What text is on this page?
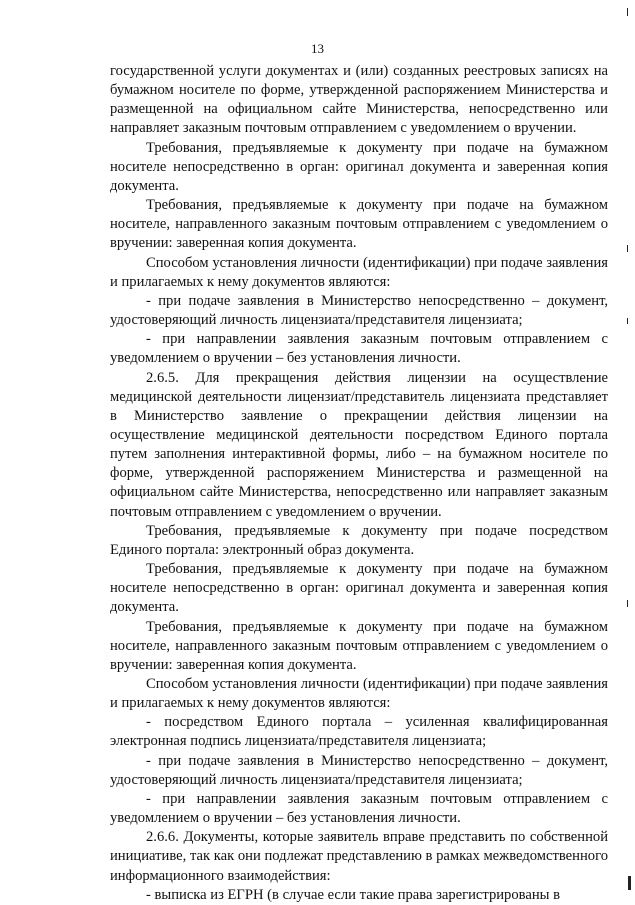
13

государственной услуги документах и (или) созданных реестровых записях на бумажном носителе по форме, утвержденной распоряжением Министерства и размещенной на официальном сайте Министерства, непосредственно или направляет заказным почтовым отправлением с уведомлением о вручении.

Требования, предъявляемые к документу при подаче на бумажном носителе непосредственно в орган: оригинал документа и заверенная копия документа.

Требования, предъявляемые к документу при подаче на бумажном носителе, направленного заказным почтовым отправлением с уведомлением о вручении: заверенная копия документа.

Способом установления личности (идентификации) при подаче заявления и прилагаемых к нему документов являются:

- при подаче заявления в Министерство непосредственно – документ, удостоверяющий личность лицензиата/представителя лицензиата;

- при направлении заявления заказным почтовым отправлением с уведомлением о вручении – без установления личности.

2.6.5. Для прекращения действия лицензии на осуществление медицинской деятельности лицензиат/представитель лицензиата представляет в Министерство заявление о прекращении действия лицензии на осуществление медицинской деятельности посредством Единого портала путем заполнения интерактивной формы, либо – на бумажном носителе по форме, утвержденной распоряжением Министерства и размещенной на официальном сайте Министерства, непосредственно или направляет заказным почтовым отправлением с уведомлением о вручении.

Требования, предъявляемые к документу при подаче посредством Единого портала: электронный образ документа.

Требования, предъявляемые к документу при подаче на бумажном носителе непосредственно в орган: оригинал документа и заверенная копия документа.

Требования, предъявляемые к документу при подаче на бумажном носителе, направленного заказным почтовым отправлением с уведомлением о вручении: заверенная копия документа.

Способом установления личности (идентификации) при подаче заявления и прилагаемых к нему документов являются:

- посредством Единого портала – усиленная квалифицированная электронная подпись лицензиата/представителя лицензиата;

- при подаче заявления в Министерство непосредственно – документ, удостоверяющий личность лицензиата/представителя лицензиата;

- при направлении заявления заказным почтовым отправлением с уведомлением о вручении – без установления личности.

2.6.6. Документы, которые заявитель вправе представить по собственной инициативе, так как они подлежат представлению в рамках межведомственного информационного взаимодействия:

- выписка из ЕГРН (в случае если такие права зарегистрированы в
